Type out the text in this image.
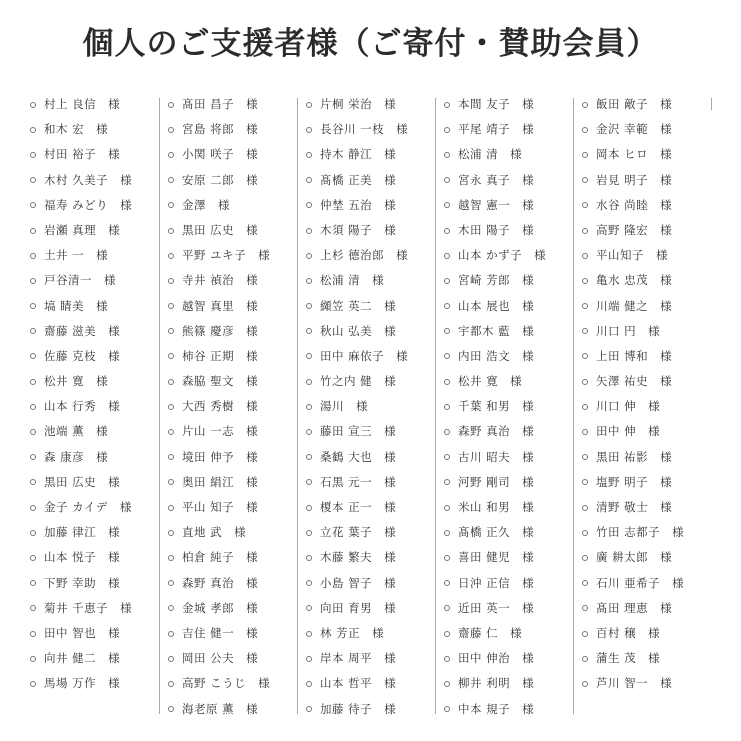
個人のご支援者様（ご寄付・賛助会員）
村上 良信 様
和木 宏 様
村田 裕子 様
木村 久美子 様
福寿 みどり 様
岩瀬 真理 様
土井 一 様
戸谷清一 様
塙 睛美 様
齋藤 滋美 様
佐藤 克枝 様
松井 寛 様
山本 行秀 様
池端 薫 様
森 康彦 様
黒田 広史 様
金子 カイデ 様
加藤 律江 様
山本 悦子 様
下野 幸助 様
菊井 千恵子 様
田中 智也 様
向井 健二 様
馬場 万作 様
髙田 昌子 様
宮島 将郎 様
小関 咲子 様
安原 二郎 様
金澤 様
黒田 広史 様
平野 ユキ子 様
寺井 禎治 様
越智 真里 様
熊篠 慶彦 様
柿谷 正期 様
森脇 聖文 様
大西 秀樹 様
片山 一志 様
境田 伸予 様
奥田 絹江 様
平山 知子 様
直地 武 様
柏倉 純子 様
森野 真治 様
金城 孝郎 様
吉住 健一 様
岡田 公夫 様
高野 こうじ 様
海老原 薫 様
片桐 栄治 様
長谷川 一枝 様
持木 静江 様
髙橋 正美 様
仲埜 五治 様
木須 陽子 様
上杉 德治郎 様
松浦 清 様
纐笠 英二 様
秋山 弘美 様
田中 麻依子 様
竹之内 健 様
湯川 様
藤田 宣三 様
桑鶴 大也 様
石黒 元一 様
榎本 正一 様
立花 葉子 様
木藤 繁夫 様
小島 智子 様
向田 育男 様
林 芳正 様
岸本 周平 様
山本 哲平 様
加藤 待子 様
本間 友子 様
平尾 靖子 様
松浦 清 様
宮永 真子 様
越智 憲一 様
木田 陽子 様
山本 かず子 様
宮崎 芳郎 様
山本 展也 様
宇都木 藍 様
内田 浩文 様
松井 寛 様
千葉 和男 様
森野 真治 様
古川 昭夫 様
河野 剛司 様
米山 和男 様
髙橋 正久 様
喜田 健児 様
日沖 正信 様
近田 英一 様
齋藤 仁 様
田中 伸治 様
柳井 利明 様
中本 規子 様
飯田 敵子 様
金沢 幸範 様
岡本 ヒロ 様
岩見 明子 様
水谷 尚睦 様
高野 隆宏 様
平山知子 様
亀水 忠茂 様
川端 健之 様
川口 円 様
上田 博和 様
矢澤 祐史 様
川口 伸 様
田中 伸 様
黒田 祐影 様
塩野 明子 様
清野 敬士 様
竹田 志都子 様
廣 耕太郎 様
石川 亜希子 様
髙田 理恵 様
百村 穣 様
蒲生 茂 様
芦川 智一 様
